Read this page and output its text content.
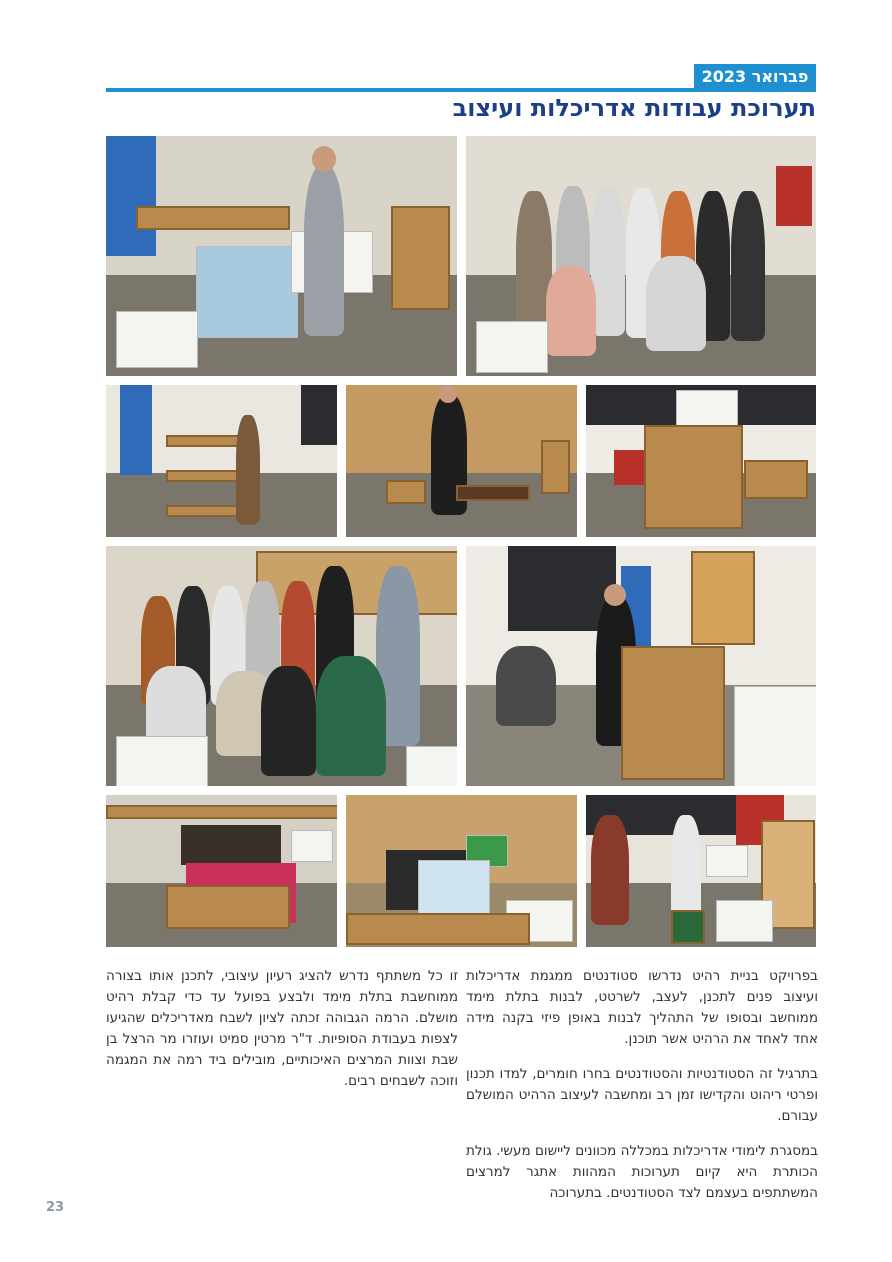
פברואר 2023
תערוכת עבודות אדריכלות ועיצוב

בפרויקט בניית רהיט נדרשו סטודנטים ממגמת אדריכלות ועיצוב פנים לתכנן, לעצב, לשרטט, לבנות בתלת מימד ממוחשב ובסופו של התהליך לבנות באופן פיזי בקנה מידה אחד לאחד את הרהיט אשר תוכנן.

בתרגיל זה הסטודנטיות והסטודנטים בחרו חומרים, למדו תכנון ופרטי ריהוט והקדישו זמן רב ומחשבה לעיצוב הרהיט המושלם עבורם.

במסגרת לימודי אדריכלות במכללה מכוונים ליישום מעשי. גולת הכותרת היא קיום תערוכות המהוות אתגר למרצים המשתתפים בעצמם לצד הסטודנטים. בתערוכה

זו כל משתתף נדרש להציג רעיון עיצובי, לתכנן אותו בצורה ממוחשבת בתלת מימד ולבצע בפועל עד כדי קבלת רהיט מושלם. הרמה הגבוהה זכתה לציון לשבח מאדריכלים שהגיעו לצפות בעבודת הסופיות. ד"ר מרטין סמיט ועוזרו מר הרצל בן שבת וצוות המרצים האיכותיים, מובילים ביד רמה את המגמה וזוכה לשבחים רבים.

23
